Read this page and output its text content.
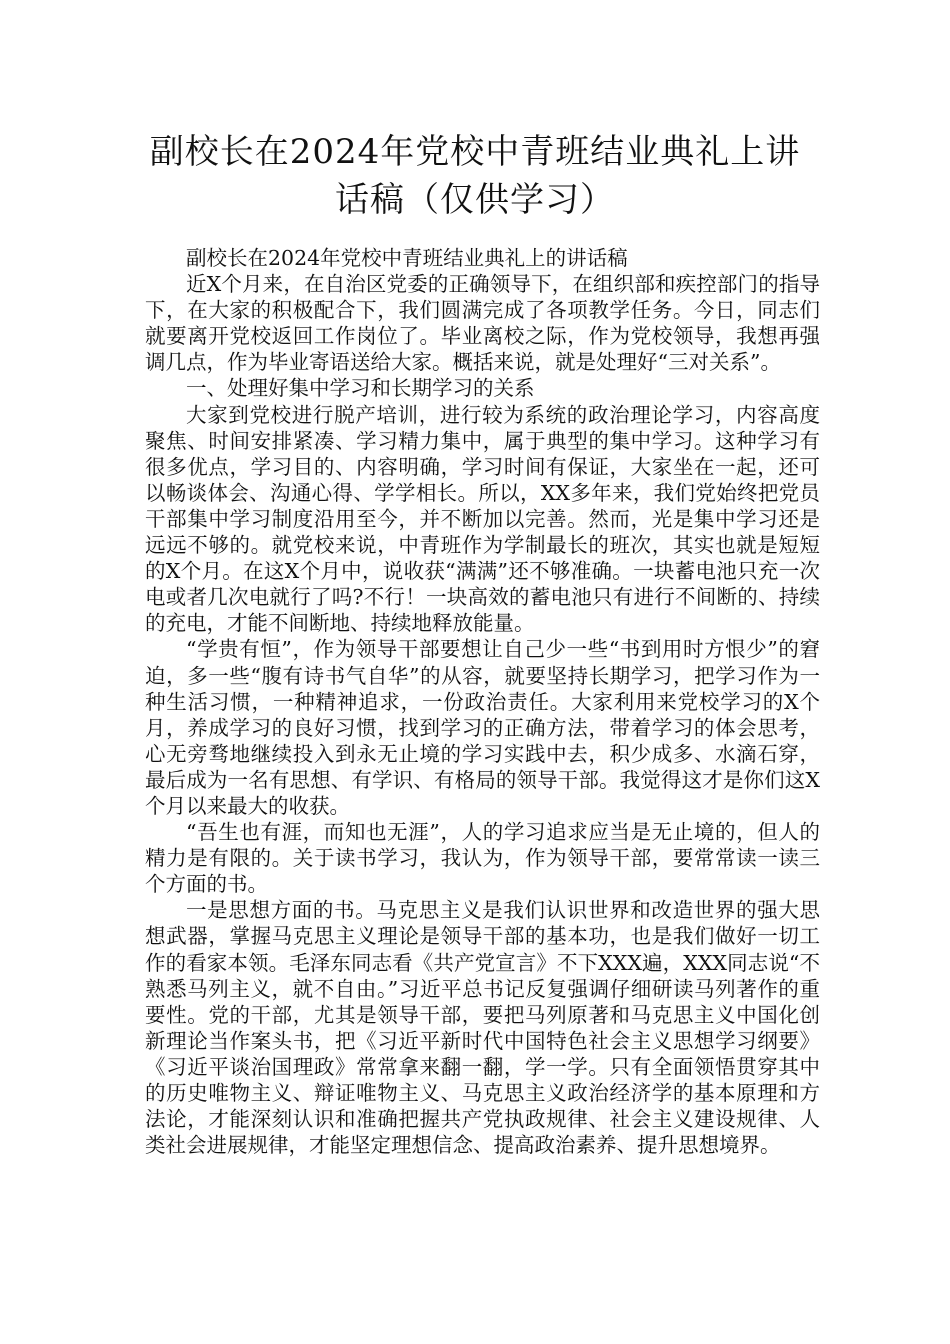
副校长在2024年党校中青班结业典礼上讲
话稿（仅供学习）

副校长在2024年党校中青班结业典礼上的讲话稿

近X个月来，在自治区党委的正确领导下，在组织部和疾控部门的指导下，在大家的积极配合下，我们圆满完成了各项教学任务。今日，同志们就要离开党校返回工作岗位了。毕业离校之际，作为党校领导，我想再强调几点，作为毕业寄语送给大家。概括来说，就是处理好“三对关系”。

一、处理好集中学习和长期学习的关系

大家到党校进行脱产培训，进行较为系统的政治理论学习，内容高度聚焦、时间安排紧凑、学习精力集中，属于典型的集中学习。这种学习有很多优点，学习目的、内容明确，学习时间有保证，大家坐在一起，还可以畅谈体会、沟通心得、学学相长。所以，XX多年来，我们党始终把党员干部集中学习制度沿用至今，并不断加以完善。然而，光是集中学习还是远远不够的。就党校来说，中青班作为学制最长的班次，其实也就是短短的X个月。在这X个月中，说收获“满满”还不够准确。一块蓄电池只充一次电或者几次电就行了吗?不行！一块高效的蓄电池只有进行不间断的、持续的充电，才能不间断地、持续地释放能量。

“学贵有恒”，作为领导干部要想让自己少一些“书到用时方恨少”的窘迫，多一些“腹有诗书气自华”的从容，就要坚持长期学习，把学习作为一种生活习惯，一种精神追求，一份政治责任。大家利用来党校学习的X个月，养成学习的良好习惯，找到学习的正确方法，带着学习的体会思考，心无旁骛地继续投入到永无止境的学习实践中去，积少成多、水滴石穿，最后成为一名有思想、有学识、有格局的领导干部。我觉得这才是你们这X个月以来最大的收获。

“吾生也有涯，而知也无涯”，人的学习追求应当是无止境的，但人的精力是有限的。关于读书学习，我认为，作为领导干部，要常常读一读三个方面的书。

一是思想方面的书。马克思主义是我们认识世界和改造世界的强大思想武器，掌握马克思主义理论是领导干部的基本功，也是我们做好一切工作的看家本领。毛泽东同志看《共产党宣言》不下XXX遍，XXX同志说“不熟悉马列主义，就不自由。”习近平总书记反复强调仔细研读马列著作的重要性。党的干部，尤其是领导干部，要把马列原著和马克思主义中国化创新理论当作案头书，把《习近平新时代中国特色社会主义思想学习纲要》《习近平谈治国理政》常常拿来翻一翻，学一学。只有全面领悟贯穿其中的历史唯物主义、辩证唯物主义、马克思主义政治经济学的基本原理和方法论，才能深刻认识和准确把握共产党执政规律、社会主义建设规律、人类社会进展规律，才能坚定理想信念、提高政治素养、提升思想境界。
